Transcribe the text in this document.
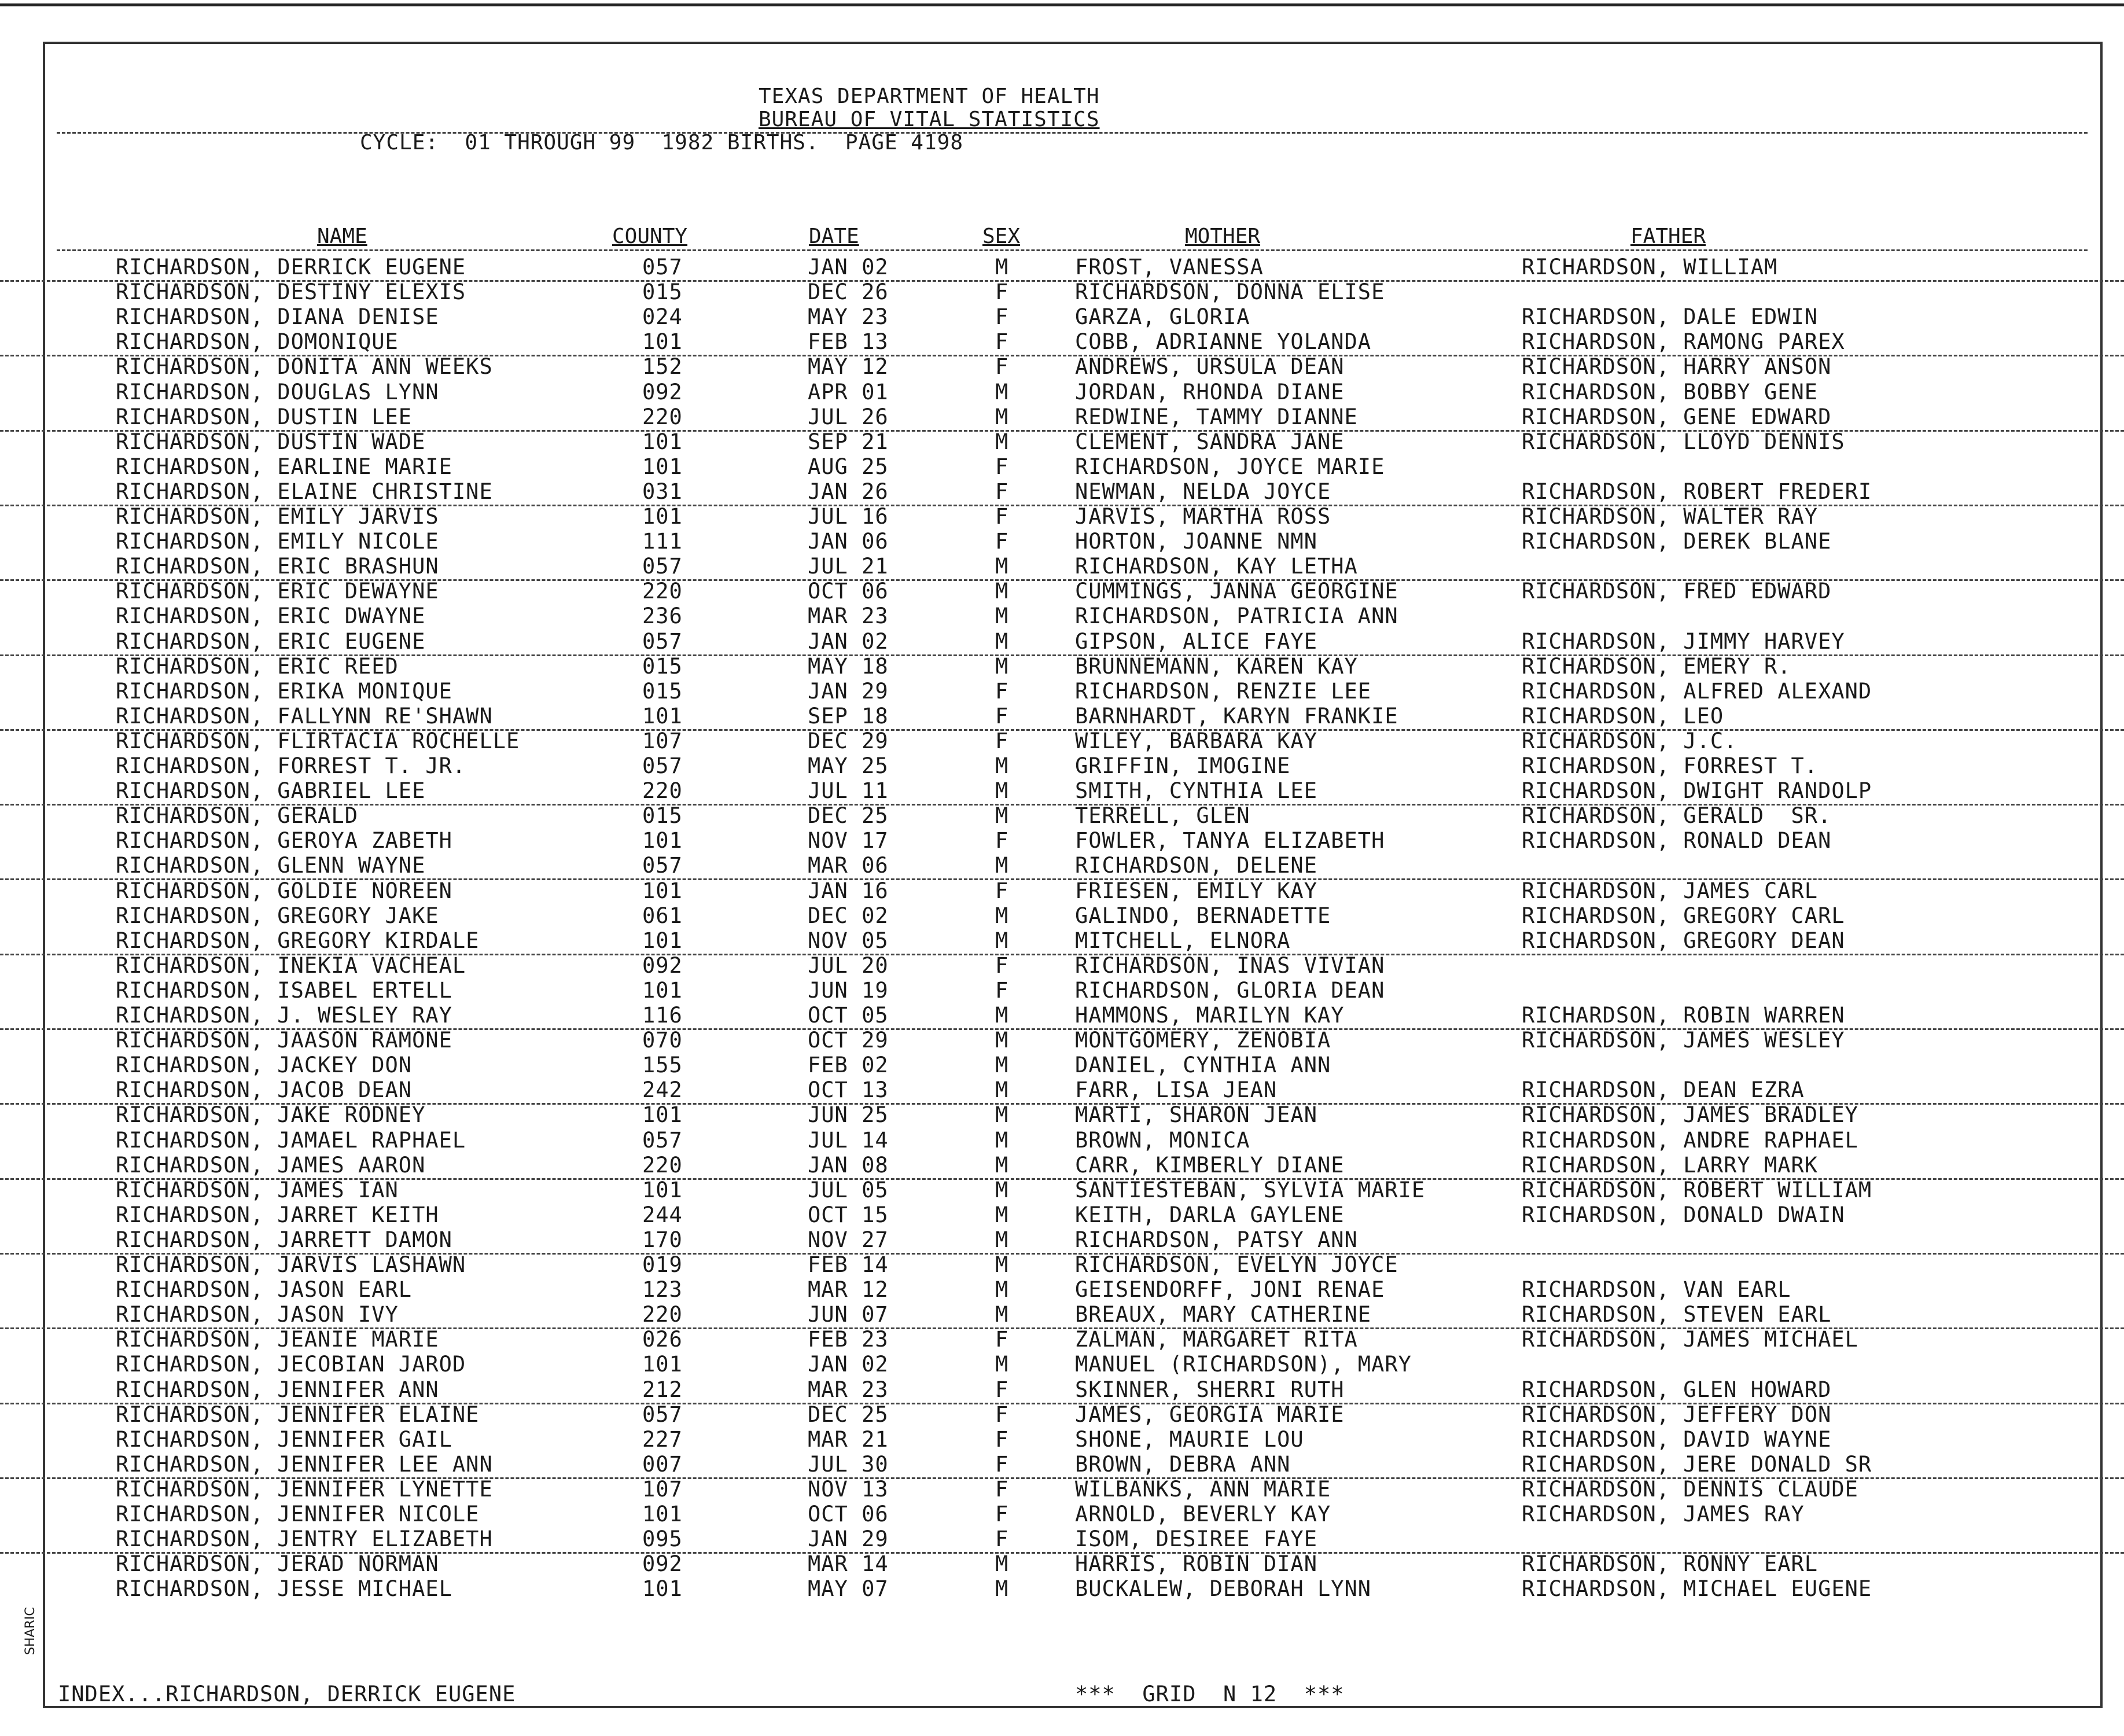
TEXAS DEPARTMENT OF HEALTH
BUREAU OF VITAL STATISTICS
CYCLE:  01 THROUGH 99  1982 BIRTHS.  PAGE 4198
NAME	COUNTY	DATE	SEX	MOTHER	FATHER
INDEX...RICHARDSON, DERRICK EUGENE	***  GRID  N 12  ***
SHARIC
RICHARDSON, DERRICK EUGENE	057	JAN 02	M	FROST, VANESSA	RICHARDSON, WILLIAM
RICHARDSON, DESTINY ELEXIS	015	DEC 26	F	RICHARDSON, DONNA ELISE
RICHARDSON, DIANA DENISE	024	MAY 23	F	GARZA, GLORIA	RICHARDSON, DALE EDWIN
RICHARDSON, DOMONIQUE	101	FEB 13	F	COBB, ADRIANNE YOLANDA	RICHARDSON, RAMONG PAREX
RICHARDSON, DONITA ANN WEEKS	152	MAY 12	F	ANDREWS, URSULA DEAN	RICHARDSON, HARRY ANSON
RICHARDSON, DOUGLAS LYNN	092	APR 01	M	JORDAN, RHONDA DIANE	RICHARDSON, BOBBY GENE
RICHARDSON, DUSTIN LEE	220	JUL 26	M	REDWINE, TAMMY DIANNE	RICHARDSON, GENE EDWARD
RICHARDSON, DUSTIN WADE	101	SEP 21	M	CLEMENT, SANDRA JANE	RICHARDSON, LLOYD DENNIS
RICHARDSON, EARLINE MARIE	101	AUG 25	F	RICHARDSON, JOYCE MARIE
RICHARDSON, ELAINE CHRISTINE	031	JAN 26	F	NEWMAN, NELDA JOYCE	RICHARDSON, ROBERT FREDERI
RICHARDSON, EMILY JARVIS	101	JUL 16	F	JARVIS, MARTHA ROSS	RICHARDSON, WALTER RAY
RICHARDSON, EMILY NICOLE	111	JAN 06	F	HORTON, JOANNE NMN	RICHARDSON, DEREK BLANE
RICHARDSON, ERIC BRASHUN	057	JUL 21	M	RICHARDSON, KAY LETHA
RICHARDSON, ERIC DEWAYNE	220	OCT 06	M	CUMMINGS, JANNA GEORGINE	RICHARDSON, FRED EDWARD
RICHARDSON, ERIC DWAYNE	236	MAR 23	M	RICHARDSON, PATRICIA ANN
RICHARDSON, ERIC EUGENE	057	JAN 02	M	GIPSON, ALICE FAYE	RICHARDSON, JIMMY HARVEY
RICHARDSON, ERIC REED	015	MAY 18	M	BRUNNEMANN, KAREN KAY	RICHARDSON, EMERY R.
RICHARDSON, ERIKA MONIQUE	015	JAN 29	F	RICHARDSON, RENZIE LEE	RICHARDSON, ALFRED ALEXAND
RICHARDSON, FALLYNN RE'SHAWN	101	SEP 18	F	BARNHARDT, KARYN FRANKIE	RICHARDSON, LEO
RICHARDSON, FLIRTACIA ROCHELLE	107	DEC 29	F	WILEY, BARBARA KAY	RICHARDSON, J.C.
RICHARDSON, FORREST T. JR.	057	MAY 25	M	GRIFFIN, IMOGINE	RICHARDSON, FORREST T.
RICHARDSON, GABRIEL LEE	220	JUL 11	M	SMITH, CYNTHIA LEE	RICHARDSON, DWIGHT RANDOLP
RICHARDSON, GERALD	015	DEC 25	M	TERRELL, GLEN	RICHARDSON, GERALD  SR.
RICHARDSON, GEROYA ZABETH	101	NOV 17	F	FOWLER, TANYA ELIZABETH	RICHARDSON, RONALD DEAN
RICHARDSON, GLENN WAYNE	057	MAR 06	M	RICHARDSON, DELENE
RICHARDSON, GOLDIE NOREEN	101	JAN 16	F	FRIESEN, EMILY KAY	RICHARDSON, JAMES CARL
RICHARDSON, GREGORY JAKE	061	DEC 02	M	GALINDO, BERNADETTE	RICHARDSON, GREGORY CARL
RICHARDSON, GREGORY KIRDALE	101	NOV 05	M	MITCHELL, ELNORA	RICHARDSON, GREGORY DEAN
RICHARDSON, INEKIA VACHEAL	092	JUL 20	F	RICHARDSON, INAS VIVIAN
RICHARDSON, ISABEL ERTELL	101	JUN 19	F	RICHARDSON, GLORIA DEAN
RICHARDSON, J. WESLEY RAY	116	OCT 05	M	HAMMONS, MARILYN KAY	RICHARDSON, ROBIN WARREN
RICHARDSON, JAASON RAMONE	070	OCT 29	M	MONTGOMERY, ZENOBIA	RICHARDSON, JAMES WESLEY
RICHARDSON, JACKEY DON	155	FEB 02	M	DANIEL, CYNTHIA ANN
RICHARDSON, JACOB DEAN	242	OCT 13	M	FARR, LISA JEAN	RICHARDSON, DEAN EZRA
RICHARDSON, JAKE RODNEY	101	JUN 25	M	MARTI, SHARON JEAN	RICHARDSON, JAMES BRADLEY
RICHARDSON, JAMAEL RAPHAEL	057	JUL 14	M	BROWN, MONICA	RICHARDSON, ANDRE RAPHAEL
RICHARDSON, JAMES AARON	220	JAN 08	M	CARR, KIMBERLY DIANE	RICHARDSON, LARRY MARK
RICHARDSON, JAMES IAN	101	JUL 05	M	SANTIESTEBAN, SYLVIA MARIE	RICHARDSON, ROBERT WILLIAM
RICHARDSON, JARRET KEITH	244	OCT 15	M	KEITH, DARLA GAYLENE	RICHARDSON, DONALD DWAIN
RICHARDSON, JARRETT DAMON	170	NOV 27	M	RICHARDSON, PATSY ANN
RICHARDSON, JARVIS LASHAWN	019	FEB 14	M	RICHARDSON, EVELYN JOYCE
RICHARDSON, JASON EARL	123	MAR 12	M	GEISENDORFF, JONI RENAE	RICHARDSON, VAN EARL
RICHARDSON, JASON IVY	220	JUN 07	M	BREAUX, MARY CATHERINE	RICHARDSON, STEVEN EARL
RICHARDSON, JEANIE MARIE	026	FEB 23	F	ZALMAN, MARGARET RITA	RICHARDSON, JAMES MICHAEL
RICHARDSON, JECOBIAN JAROD	101	JAN 02	M	MANUEL (RICHARDSON), MARY
RICHARDSON, JENNIFER ANN	212	MAR 23	F	SKINNER, SHERRI RUTH	RICHARDSON, GLEN HOWARD
RICHARDSON, JENNIFER ELAINE	057	DEC 25	F	JAMES, GEORGIA MARIE	RICHARDSON, JEFFERY DON
RICHARDSON, JENNIFER GAIL	227	MAR 21	F	SHONE, MAURIE LOU	RICHARDSON, DAVID WAYNE
RICHARDSON, JENNIFER LEE ANN	007	JUL 30	F	BROWN, DEBRA ANN	RICHARDSON, JERE DONALD SR
RICHARDSON, JENNIFER LYNETTE	107	NOV 13	F	WILBANKS, ANN MARIE	RICHARDSON, DENNIS CLAUDE
RICHARDSON, JENNIFER NICOLE	101	OCT 06	F	ARNOLD, BEVERLY KAY	RICHARDSON, JAMES RAY
RICHARDSON, JENTRY ELIZABETH	095	JAN 29	F	ISOM, DESIREE FAYE
RICHARDSON, JERAD NORMAN	092	MAR 14	M	HARRIS, ROBIN DIAN	RICHARDSON, RONNY EARL
RICHARDSON, JESSE MICHAEL	101	MAY 07	M	BUCKALEW, DEBORAH LYNN	RICHARDSON, MICHAEL EUGENE
